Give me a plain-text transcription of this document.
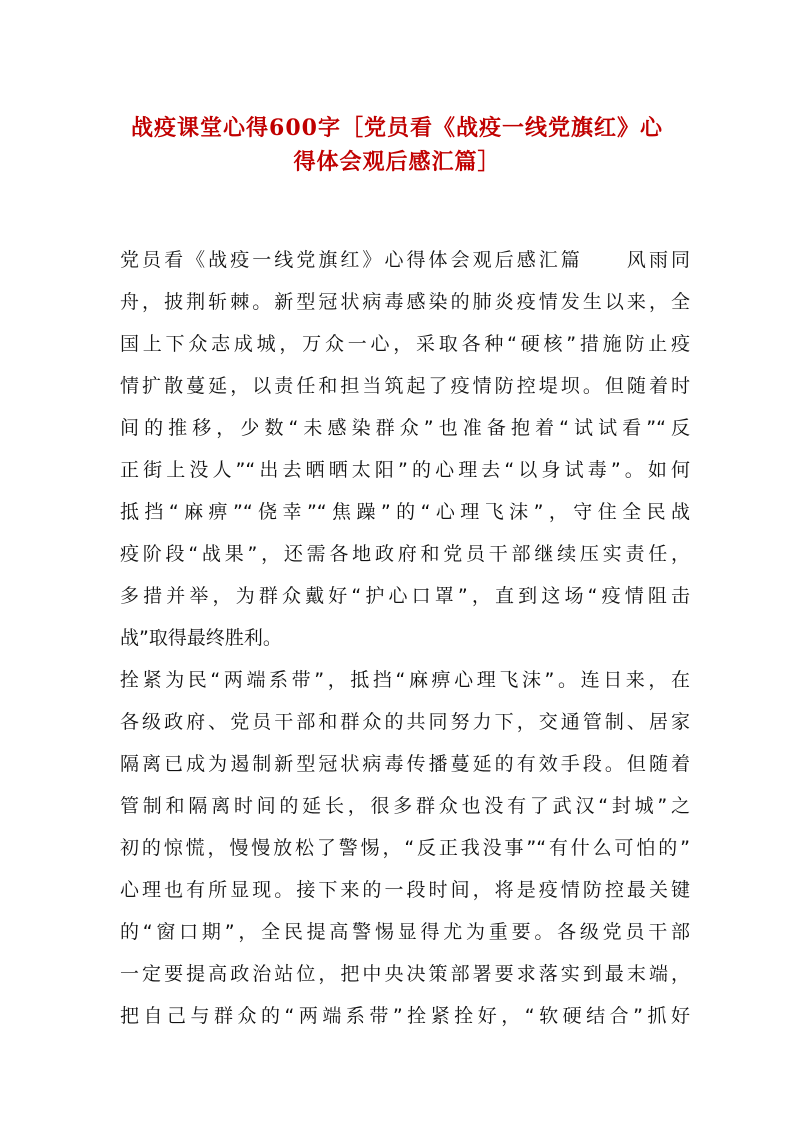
战疫课堂心得600字［党员看《战疫一线党旗红》心
得体会观后感汇篇］

党员看《战疫一线党旗红》心得体会观后感汇篇　　风雨同

舟，披荆斩棘。新型冠状病毒感染的肺炎疫情发生以来，全

国上下众志成城，万众一心，采取各种“硬核”措施防止疫

情扩散蔓延，以责任和担当筑起了疫情防控堤坝。但随着时

间的推移，少数“未感染群众”也准备抱着“试试看”“反

正街上没人”“出去晒晒太阳”的心理去“以身试毒”。如何

抵挡“麻痹”“侥幸”“焦躁”的“心理飞沫”，守住全民战

疫阶段“战果”，还需各地政府和党员干部继续压实责任，

多措并举，为群众戴好“护心口罩”，直到这场“疫情阻击

战”取得最终胜利。

拴紧为民“两端系带”，抵挡“麻痹心理飞沫”。连日来，在

各级政府、党员干部和群众的共同努力下，交通管制、居家

隔离已成为遏制新型冠状病毒传播蔓延的有效手段。但随着

管制和隔离时间的延长，很多群众也没有了武汉“封城”之

初的惊慌，慢慢放松了警惕，“反正我没事”“有什么可怕的”

心理也有所显现。接下来的一段时间，将是疫情防控最关键

的“窗口期”，全民提高警惕显得尤为重要。各级党员干部

一定要提高政治站位，把中央决策部署要求落实到最末端，

把自己与群众的“两端系带”拴紧拴好，“软硬结合”抓好
